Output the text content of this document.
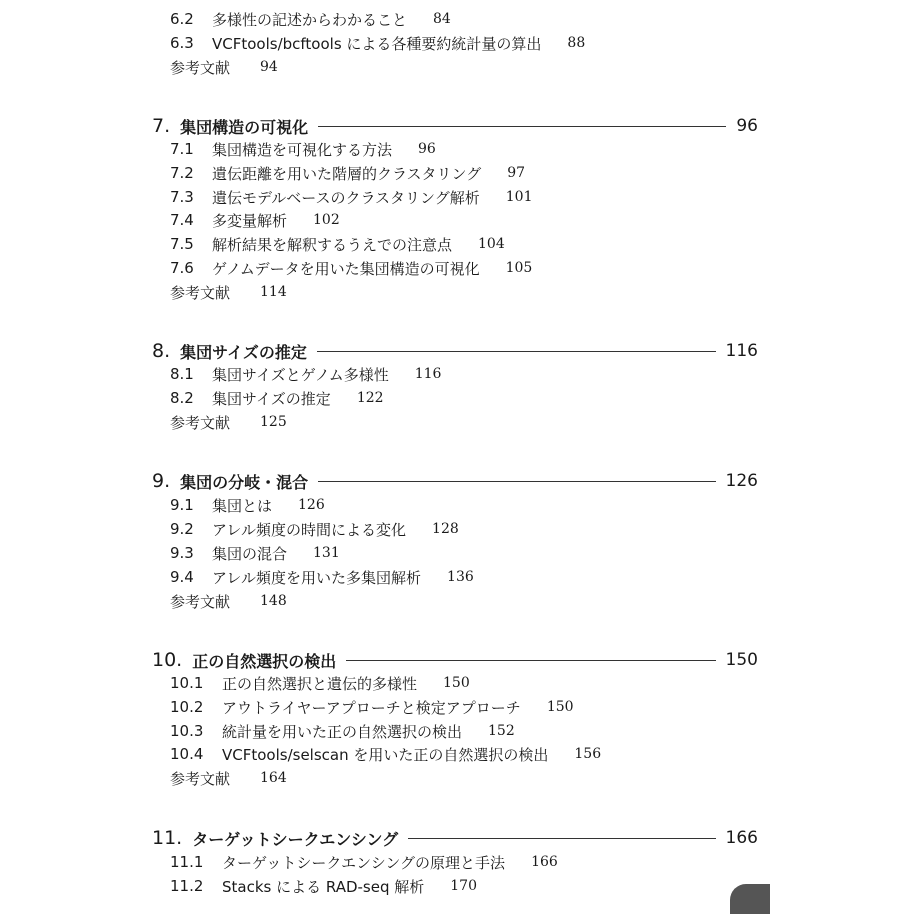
6.2 多様性の記述からわかること 84
6.3 VCFtools/bcftools による各種要約統計量の算出 88
参考文献 94
7. 集団構造の可視化	96
7.1 集団構造を可視化する方法 96
7.2 遺伝距離を用いた階層的クラスタリング 97
7.3 遺伝モデルベースのクラスタリング解析 101
7.4 多変量解析 102
7.5 解析結果を解釈するうえでの注意点 104
7.6 ゲノムデータを用いた集団構造の可視化 105
参考文献 114
8. 集団サイズの推定	116
8.1 集団サイズとゲノム多様性 116
8.2 集団サイズの推定 122
参考文献 125
9. 集団の分岐・混合	126
9.1 集団とは 126
9.2 アレル頻度の時間による変化 128
9.3 集団の混合 131
9.4 アレル頻度を用いた多集団解析 136
参考文献 148
10. 正の自然選択の検出	150
10.1	正の自然選択と遺伝的多様性 150
10.2	アウトライヤーアプローチと検定アプローチ 150
10.3	統計量を用いた正の自然選択の検出 152
10.4	VCFtools/selscan を用いた正の自然選択の検出 156
参考文献 164
11. ターゲットシークエンシング	166
11.1	ターゲットシークエンシングの原理と手法 166
11.2	Stacks による RAD-seq 解析 170
